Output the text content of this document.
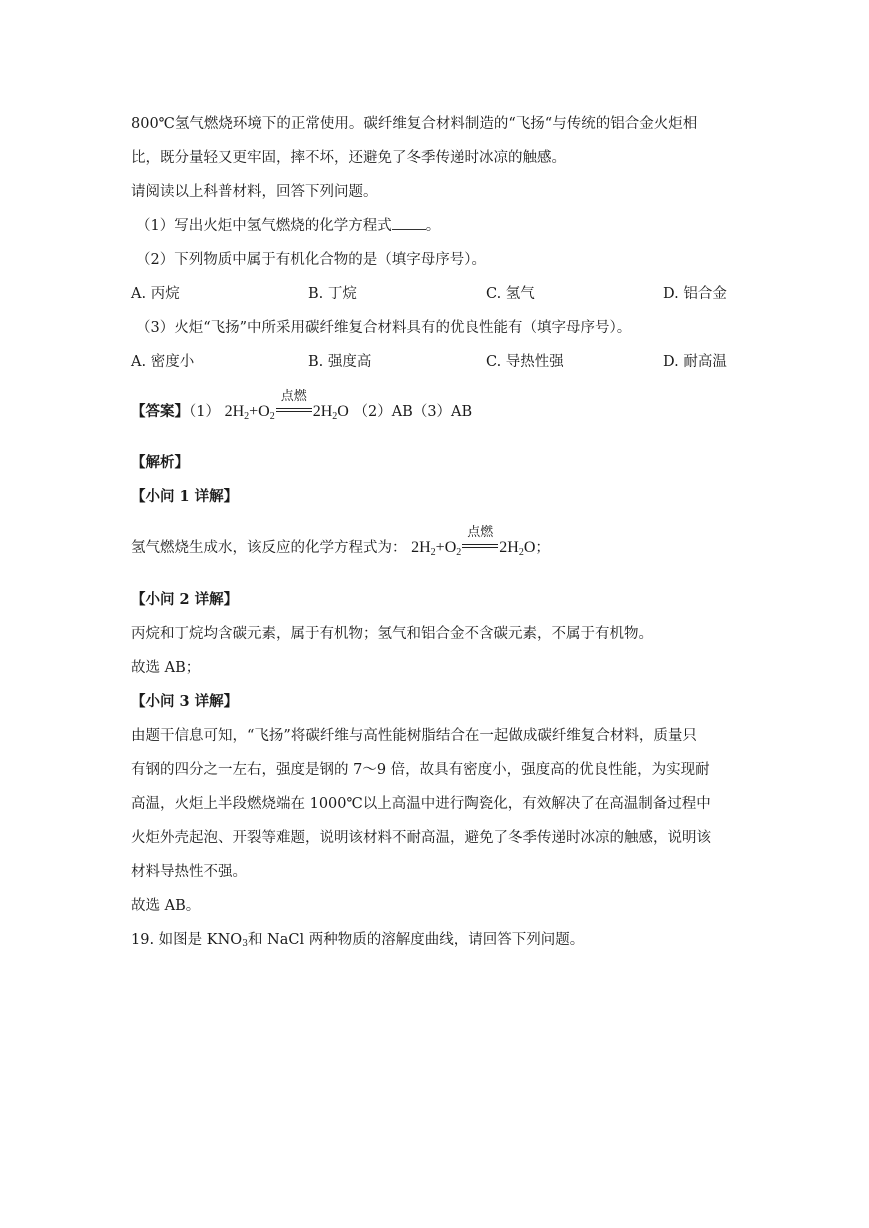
800℃氢气燃烧环境下的正常使用。碳纤维复合材料制造的“飞扬“与传统的铝合金火炬相
比，既分量轻又更牢固，摔不坏，还避免了冬季传递时冰凉的触感。
请阅读以上科普材料，回答下列问题。
（1）写出火炬中氢气燃烧的化学方程式 。
（2）下列物质中属于有机化合物的是（填字母序号）。
A. 丙烷	B. 丁烷	C. 氢气	D. 铝合金
（3）火炬“飞扬”中所采用碳纤维复合材料具有的优良性能有（填字母序号）。
A. 密度小	B. 强度高	C. 导热性强	D. 耐高温
【答案】（1） $2H_2+O_2$
点燃
$2H_2O$ （2）AB（3）AB
【解析】
【小问 1 详解】
氢气燃烧生成水，该反应的化学方程式为： $2H_2+O_2$
点燃
$2H_2O$；
【小问 2 详解】
丙烷和丁烷均含碳元素，属于有机物；氢气和铝合金不含碳元素，不属于有机物。
故选 AB；
【小问 3 详解】
由题干信息可知，“飞扬”将碳纤维与高性能树脂结合在一起做成碳纤维复合材料，质量只
有钢的四分之一左右，强度是钢的 7～9 倍，故具有密度小，强度高的优良性能，为实现耐
高温，火炬上半段燃烧端在 1000℃以上高温中进行陶瓷化，有效解决了在高温制备过程中
火炬外壳起泡、开裂等难题，说明该材料不耐高温，避免了冬季传递时冰凉的触感，说明该
材料导热性不强。
故选 AB。
19. 如图是 $KNO_3$和 NaCl 两种物质的溶解度曲线，请回答下列问题。
